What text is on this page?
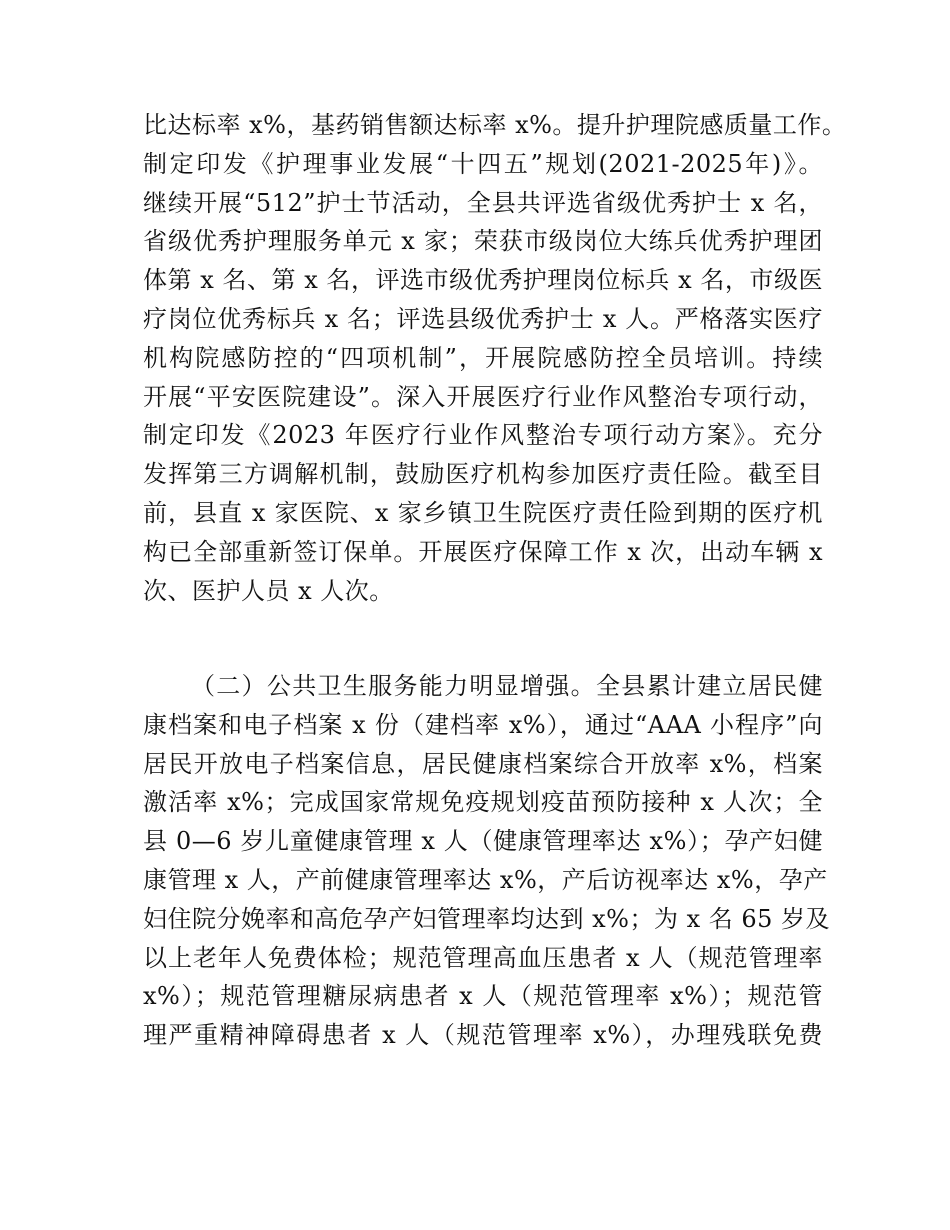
比达标率 x%，基药销售额达标率 x%。提升护理院感质量工作。
制定印发《护理事业发展“十四五”规划(2021-2025年)》。
继续开展“512”护士节活动，全县共评选省级优秀护士 x 名，
省级优秀护理服务单元 x 家；荣获市级岗位大练兵优秀护理团
体第 x 名、第 x 名，评选市级优秀护理岗位标兵 x 名，市级医
疗岗位优秀标兵 x 名；评选县级优秀护士 x 人。严格落实医疗
机构院感防控的“四项机制”，开展院感防控全员培训。持续
开展“平安医院建设”。深入开展医疗行业作风整治专项行动，
制定印发《2023 年医疗行业作风整治专项行动方案》。充分
发挥第三方调解机制，鼓励医疗机构参加医疗责任险。截至目
前，县直 x 家医院、x 家乡镇卫生院医疗责任险到期的医疗机
构已全部重新签订保单。开展医疗保障工作 x 次，出动车辆 x
次、医护人员 x 人次。
（二）公共卫生服务能力明显增强。全县累计建立居民健
康档案和电子档案 x 份（建档率 x%），通过“AAA 小程序”向
居民开放电子档案信息，居民健康档案综合开放率 x%，档案
激活率 x%；完成国家常规免疫规划疫苗预防接种 x 人次；全
县 0—6 岁儿童健康管理 x 人（健康管理率达 x%）；孕产妇健
康管理 x 人，产前健康管理率达 x%，产后访视率达 x%，孕产
妇住院分娩率和高危孕产妇管理率均达到 x%；为 x 名 65 岁及
以上老年人免费体检；规范管理高血压患者 x 人（规范管理率
x%）；规范管理糖尿病患者 x 人（规范管理率 x%）；规范管
理严重精神障碍患者 x 人（规范管理率 x%），办理残联免费
